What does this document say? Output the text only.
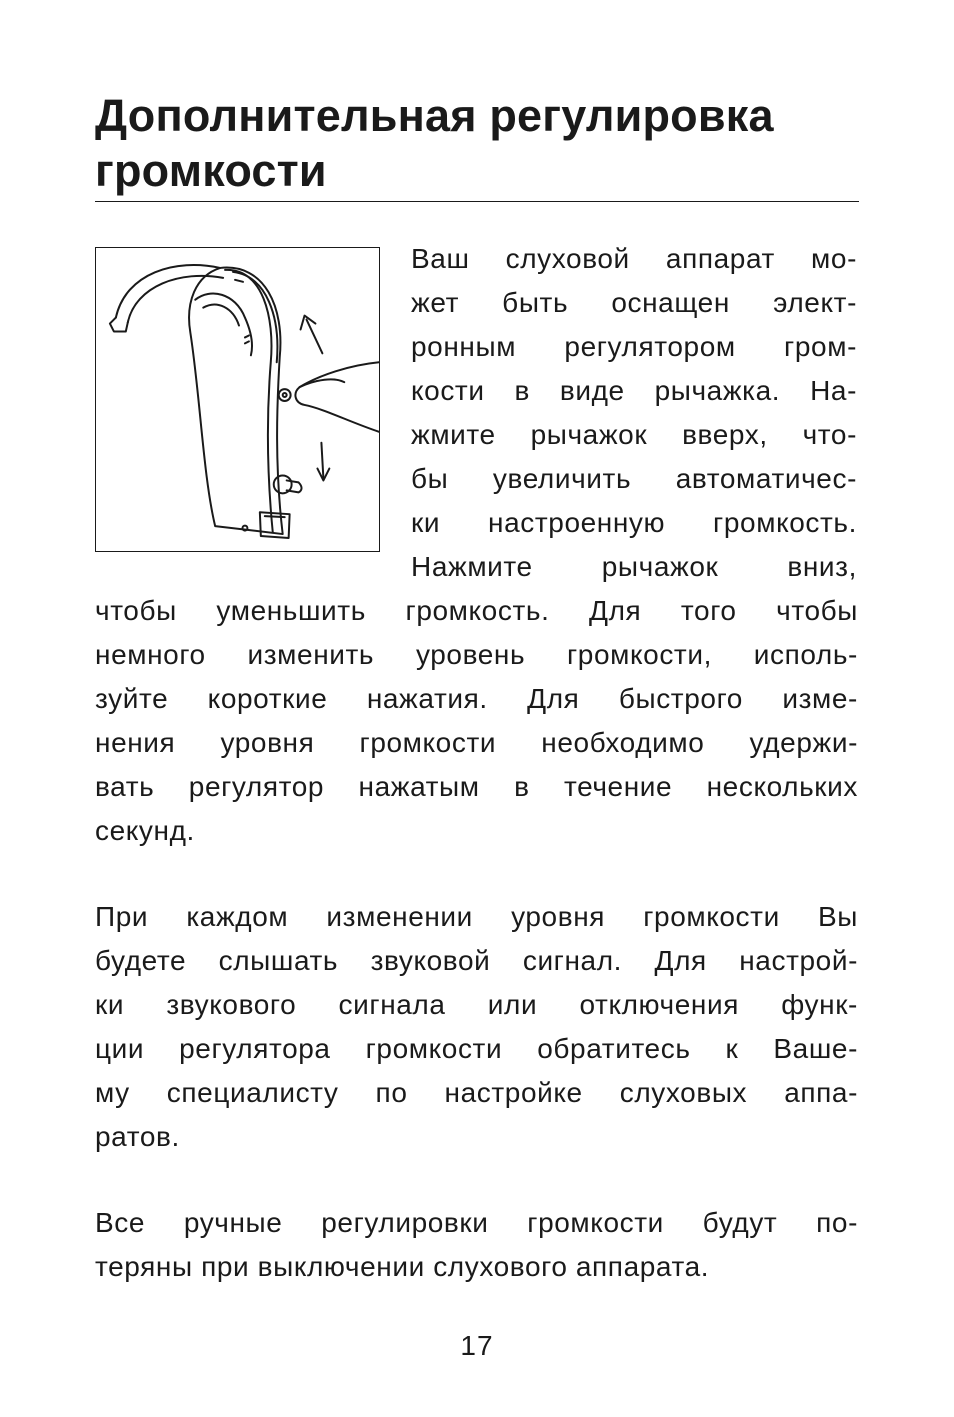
Дополнительная регулировка
громкости
Ваш слуховой аппарат мо-
жет быть оснащен элект-
ронным регулятором гром-
кости в виде рычажка. На-
жмите рычажок вверх, что-
бы увеличить автоматичес-
ки настроенную громкость.
Нажмите рычажок вниз,
чтобы уменьшить громкость. Для того чтобы
немного изменить уровень громкости, исполь-
зуйте короткие нажатия. Для быстрого изме-
нения уровня громкости необходимо удержи-
вать регулятор нажатым в течение нескольких
секунд.
При каждом изменении уровня громкости Вы
будете слышать звуковой сигнал. Для настрой-
ки звукового сигнала или отключения функ-
ции регулятора громкости обратитесь к Ваше-
му специалисту по настройке слуховых аппа-
ратов.
Все ручные регулировки громкости будут по-
теряны при выключении слухового аппарата.
17
